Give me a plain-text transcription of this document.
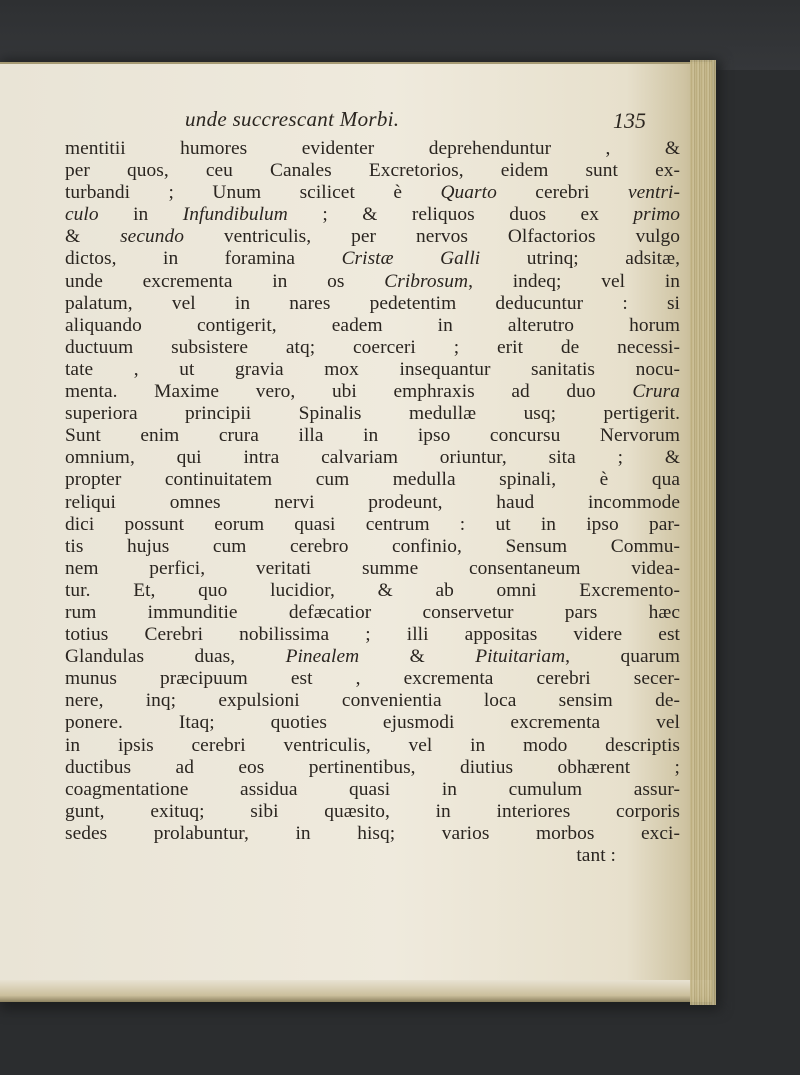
unde succrescant Morbi.	135
mentitii humores evidenter deprehenduntur , &
per quos, ceu Canales Excretorios, eidem sunt ex-
turbandi ; Unum scilicet è Quarto cerebri ventri-
culo in Infundibulum ; & reliquos duos ex primo
& secundo ventriculis, per nervos Olfactorios vulgo
dictos, in foramina Cristæ Galli utrinq; adsitæ,
unde excrementa in os Cribrosum, indeq; vel in
palatum, vel in nares pedetentim deducuntur : si
aliquando contigerit, eadem in alterutro horum
ductuum subsistere atq; coerceri ; erit de necessi-
tate , ut gravia mox insequantur sanitatis nocu-
menta. Maxime vero, ubi emphraxis ad duo Crura
superiora principii Spinalis medullæ usq; pertigerit.
Sunt enim crura illa in ipso concursu Nervorum
omnium, qui intra calvariam oriuntur, sita ; &
propter continuitatem cum medulla spinali, è qua
reliqui omnes nervi prodeunt, haud incommode
dici possunt eorum quasi centrum : ut in ipso par-
tis hujus cum cerebro confinio, Sensum Commu-
nem perfici, veritati summe consentaneum videa-
tur. Et, quo lucidior, & ab omni Excremento-
rum immunditie defæcatior conservetur pars hæc
totius Cerebri nobilissima ; illi appositas videre est
Glandulas duas, Pinealem & Pituitariam, quarum
munus præcipuum est , excrementa cerebri secer-
nere, inq; expulsioni convenientia loca sensim de-
ponere. Itaq; quoties ejusmodi excrementa vel
in ipsis cerebri ventriculis, vel in modo descriptis
ductibus ad eos pertinentibus, diutius obhærent ;
coagmentatione assidua quasi in cumulum assur-
gunt, exituq; sibi quæsito, in interiores corporis
sedes prolabuntur, in hisq; varios morbos exci-
tant :
